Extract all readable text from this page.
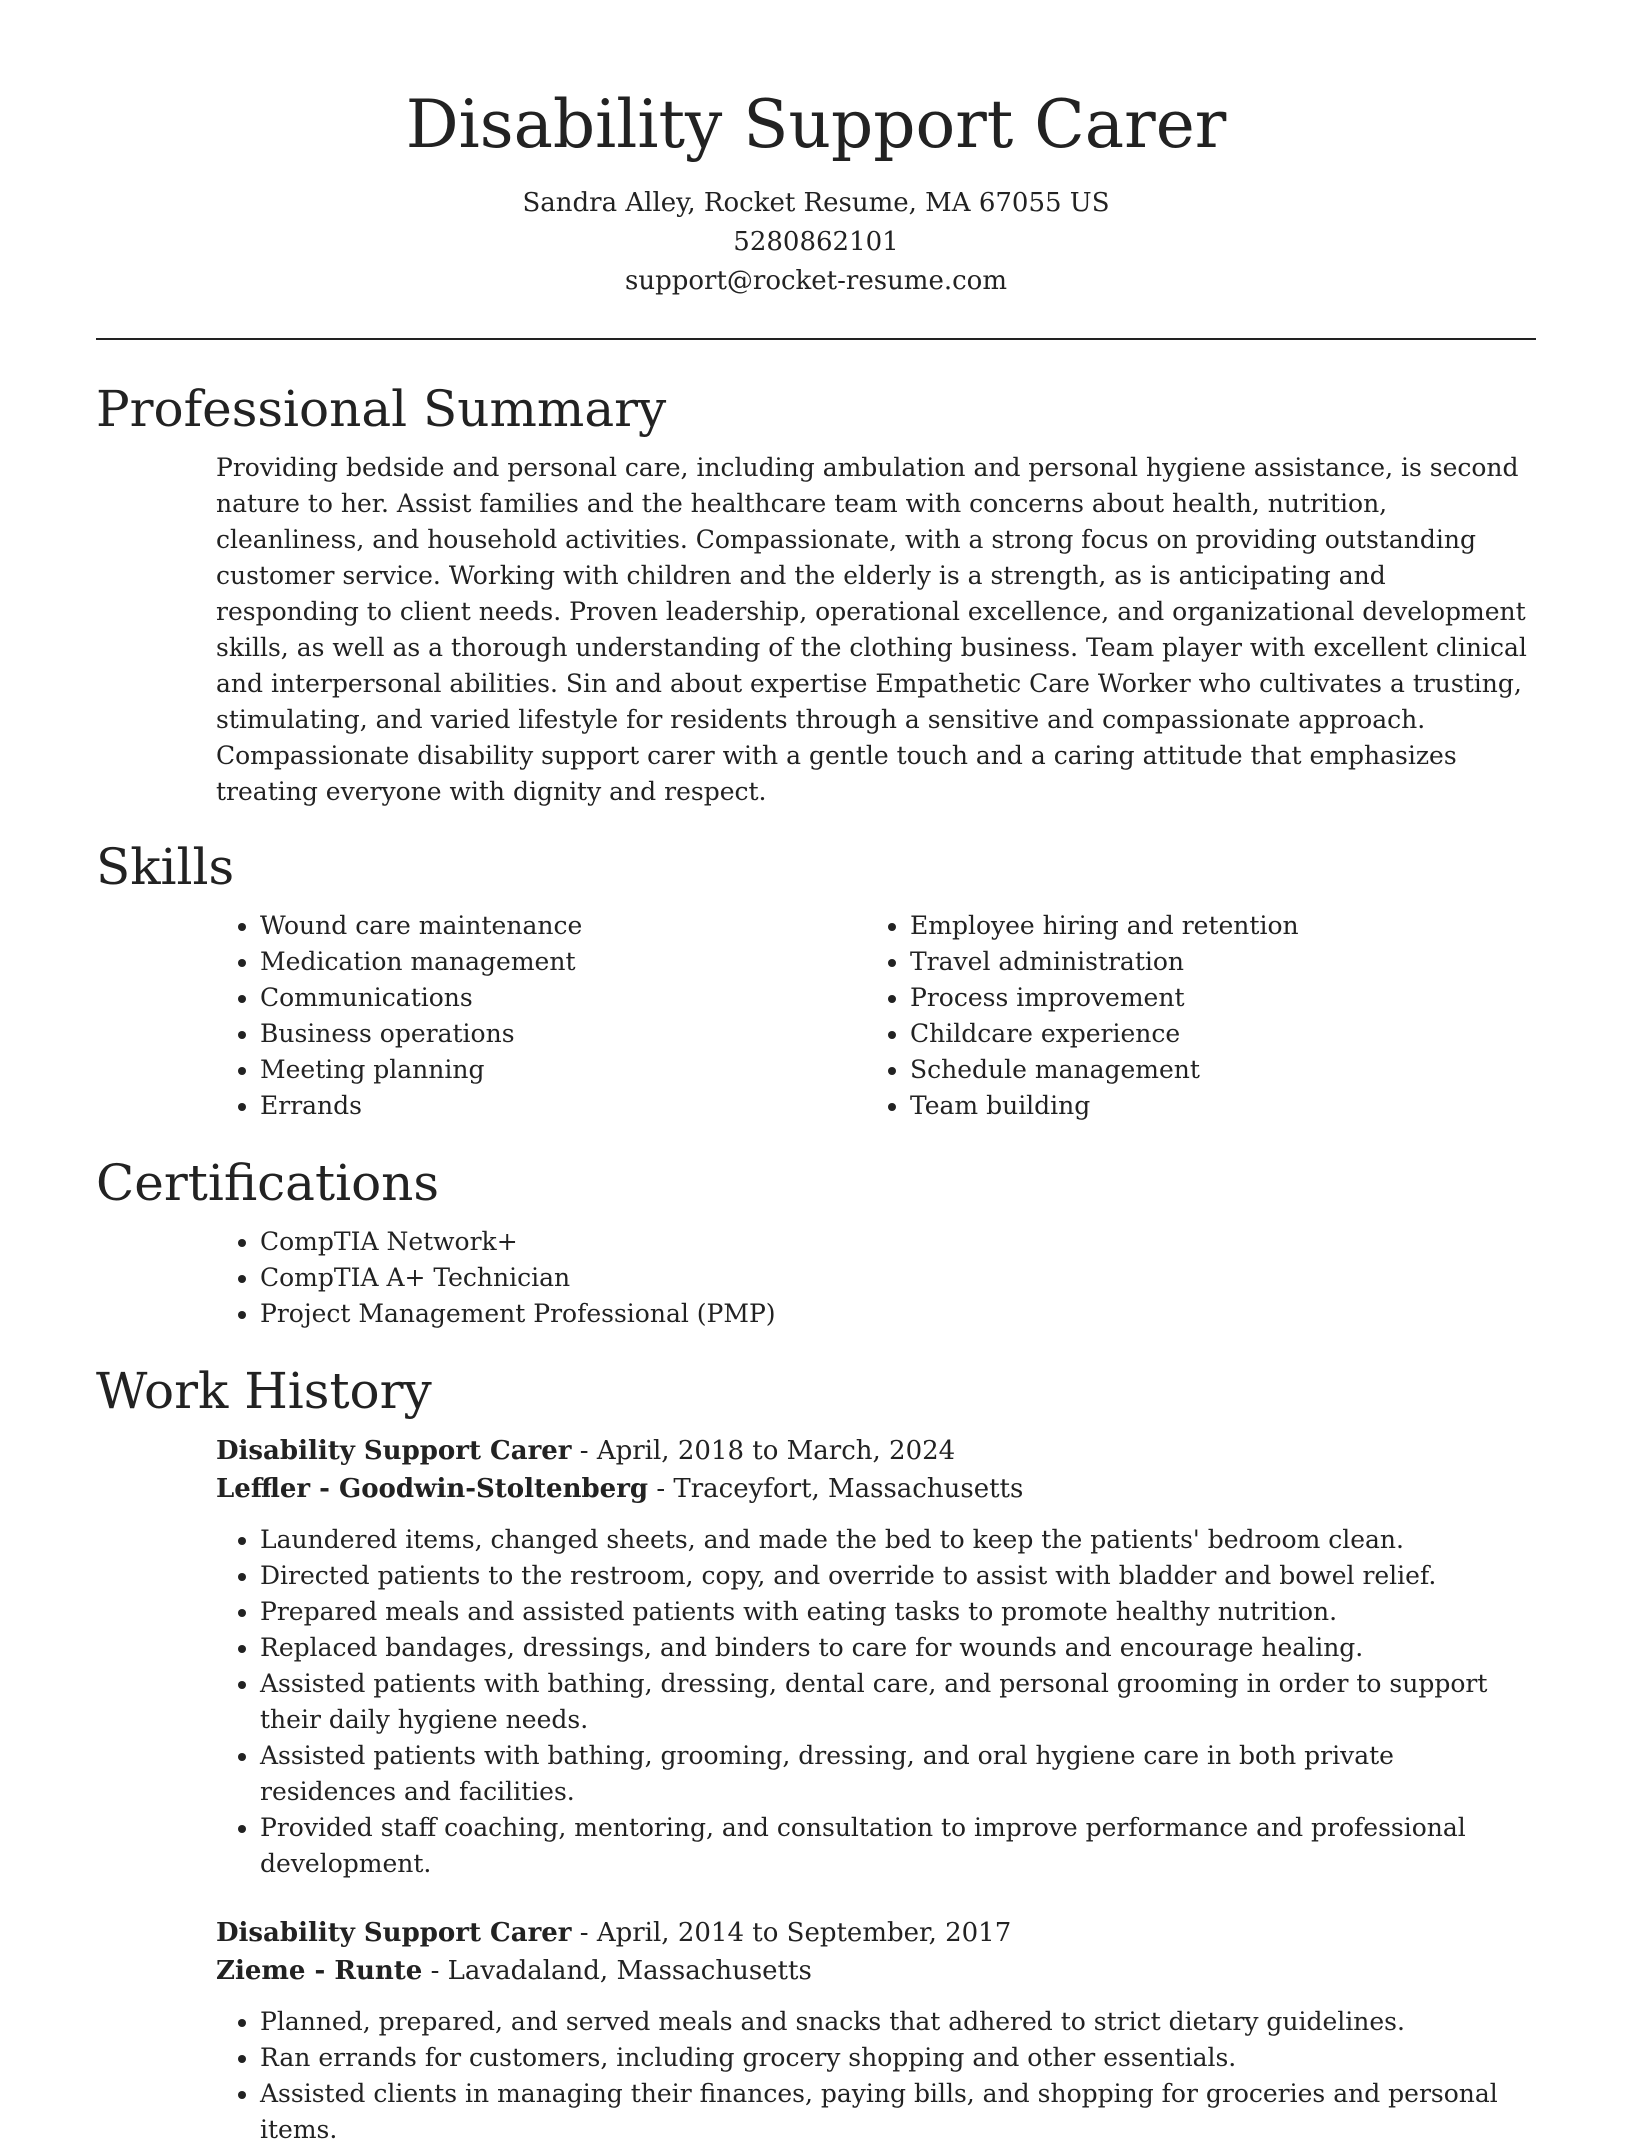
Disability Support Carer
Sandra Alley, Rocket Resume, MA 67055 US
5280862101
support@rocket-resume.com
Professional Summary

Providing bedside and personal care, including ambulation and personal hygiene assistance, is second nature to her. Assist families and the healthcare team with concerns about health, nutrition, cleanliness, and household activities. Compassionate, with a strong focus on providing outstanding customer service. Working with children and the elderly is a strength, as is anticipating and responding to client needs. Proven leadership, operational excellence, and organizational development skills, as well as a thorough understanding of the clothing business. Team player with excellent clinical and interpersonal abilities. Sin and about expertise Empathetic Care Worker who cultivates a trusting, stimulating, and varied lifestyle for residents through a sensitive and compassionate approach. Compassionate disability support carer with a gentle touch and a caring attitude that emphasizes treating everyone with dignity and respect.

Skills
• Wound care maintenance
• Medication management
• Communications
• Business operations
• Meeting planning
• Errands
• Employee hiring and retention
• Travel administration
• Process improvement
• Childcare experience
• Schedule management
• Team building
Certifications
• CompTIA Network+
• CompTIA A+ Technician
• Project Management Professional (PMP)
Work History
Disability Support Carer - April, 2018 to March, 2024
Leffler - Goodwin-Stoltenberg - Traceyfort, Massachusetts
• Laundered items, changed sheets, and made the bed to keep the patients' bedroom clean.
• Directed patients to the restroom, copy, and override to assist with bladder and bowel relief.
• Prepared meals and assisted patients with eating tasks to promote healthy nutrition.
• Replaced bandages, dressings, and binders to care for wounds and encourage healing.
• Assisted patients with bathing, dressing, dental care, and personal grooming in order to support their daily hygiene needs.
• Assisted patients with bathing, grooming, dressing, and oral hygiene care in both private residences and facilities.
• Provided staff coaching, mentoring, and consultation to improve performance and professional development.
Disability Support Carer - April, 2014 to September, 2017
Zieme - Runte - Lavadaland, Massachusetts
• Planned, prepared, and served meals and snacks that adhered to strict dietary guidelines.
• Ran errands for customers, including grocery shopping and other essentials.
• Assisted clients in managing their finances, paying bills, and shopping for groceries and personal items.
